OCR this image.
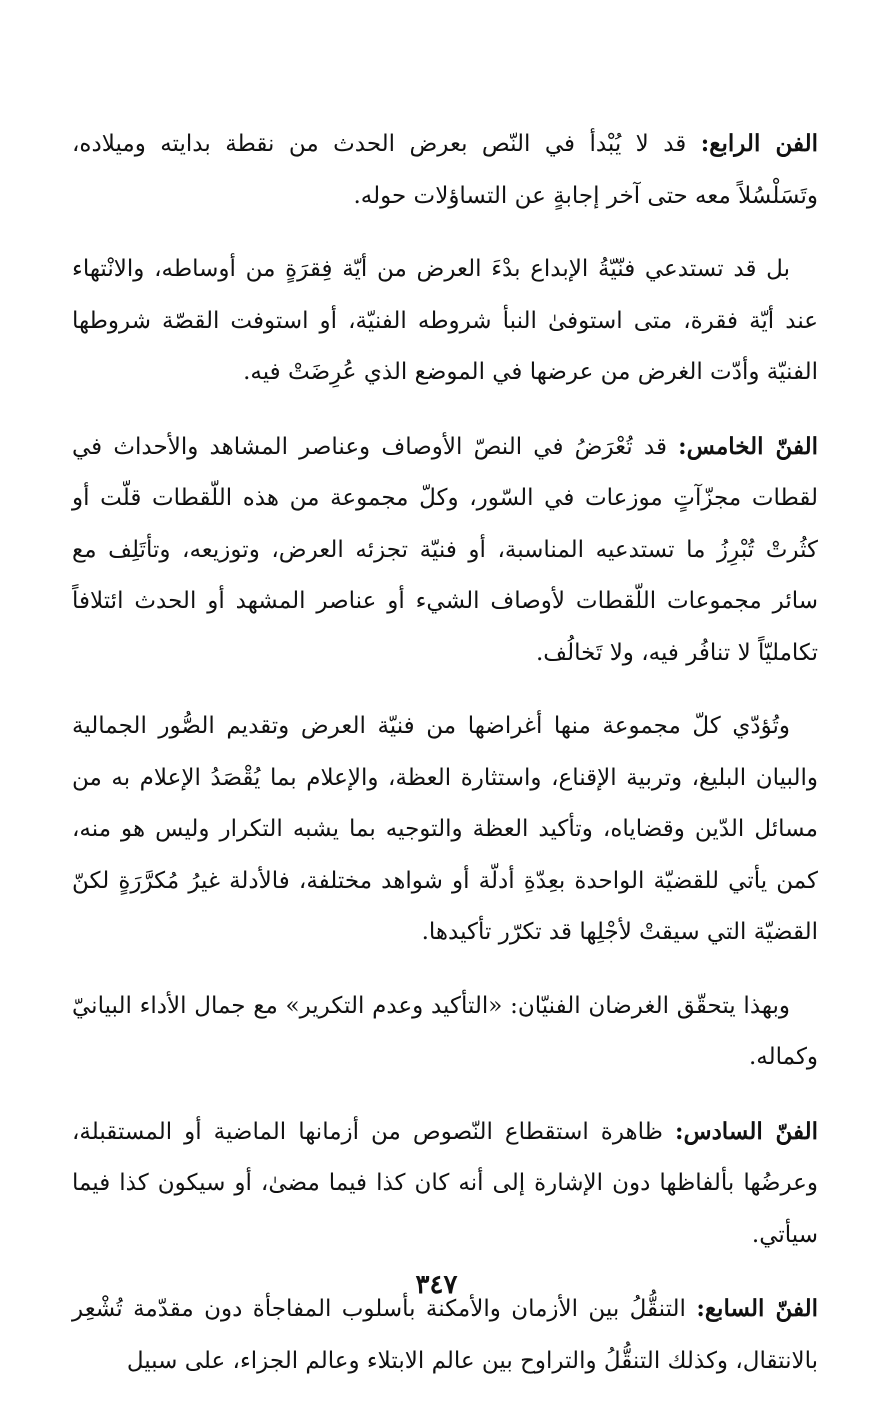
الفن الرابع: قد لا يُبْدأ في النّص بعرض الحدث من نقطة بدايته وميلاده، وتَسَلْسُلاً معه حتى آخر إجابةٍ عن التساؤلات حوله.

بل قد تستدعي فنّيّةُ الإبداع بدْءَ العرض من أيّة فِقرَةٍ من أوساطه، والانْتهاء عند أيّة فقرة، متى استوفىٰ النبأ شروطه الفنيّة، أو استوفت القصّة شروطها الفنيّة وأدّت الغرض من عرضها في الموضع الذي عُرِضَتْ فيه.

الفنّ الخامس: قد تُعْرَضُ في النصّ الأوصاف وعناصر المشاهد والأحداث في لقطات مجزّآتٍ موزعات في السّور، وكلّ مجموعة من هذه اللّقطات قلّت أو كثُرتْ تُبْرِزُ ما تستدعيه المناسبة، أو فنيّة تجزئه العرض، وتوزيعه، وتأتَلِف مع سائر مجموعات اللّقطات لأوصاف الشيء أو عناصر المشهد أو الحدث ائتلافاً تكامليّاً لا تنافُر فيه، ولا تَخالُف.

وتُؤدّي كلّ مجموعة منها أغراضها من فنيّة العرض وتقديم الصُّور الجمالية والبيان البليغ، وتربية الإقناع، واستثارة العظة، والإعلام بما يُقْصَدُ الإعلام به من مسائل الدّين وقضاياه، وتأكيد العظة والتوجيه بما يشبه التكرار وليس هو منه، كمن يأتي للقضيّة الواحدة بعِدّةِ أدلّة أو شواهد مختلفة، فالأدلة غيرُ مُكرَّرَةٍ لكنّ القضيّة التي سيقتْ لأجْلِها قد تكرّر تأكيدها.

وبهذا يتحقّق الغرضان الفنيّان: «التأكيد وعدم التكرير» مع جمال الأداء البيانيّ وكماله.

الفنّ السادس: ظاهرة استقطاع النّصوص من أزمانها الماضية أو المستقبلة، وعرضُها بألفاظها دون الإشارة إلى أنه كان كذا فيما مضىٰ، أو سيكون كذا فيما سيأتي.

الفنّ السابع: التنقُّلُ بين الأزمان والأمكنة بأسلوب المفاجأة دون مقدّمة تُشْعِر بالانتقال، وكذلك التنقُّلُ والتراوح بين عالم الابتلاء وعالم الجزاء، على سبيل

٣٤٧
